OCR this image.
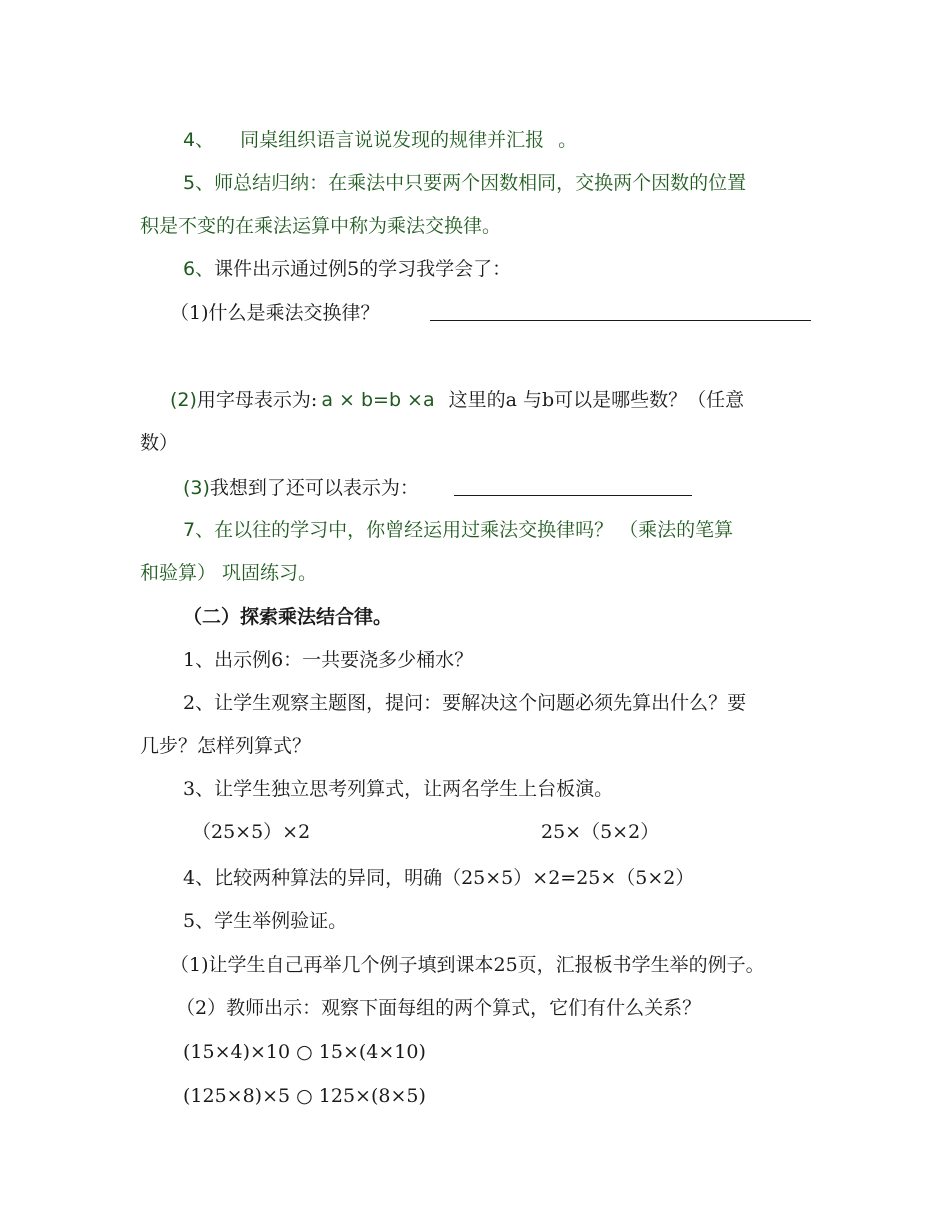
4、 同桌组织语言说说发现的规律并汇报 。
5、师总结归纳：在乘法中只要两个因数相同，交换两个因数的位置
积是不变的在乘法运算中称为乘法交换律。
6、课件出示通过例5的学习我学会了：
（1)什么是乘法交换律？
(2)用字母表示为: a × b=b ×a 这里的a 与b可以是哪些数？（任意
数）
(3)我想到了还可以表示为：
7、在以往的学习中，你曾经运用过乘法交换律吗？ （乘法的笔算
和验算） 巩固练习。
（二）探索乘法结合律。
1、出示例6：一共要浇多少桶水？
2、让学生观察主题图，提问：要解决这个问题必须先算出什么？要
几步？怎样列算式？
3、让学生独立思考列算式，让两名学生上台板演。
（25×5）×2	25×（5×2）
4、比较两种算法的异同，明确（25×5）×2=25×（5×2）
5、学生举例验证。
（1)让学生自己再举几个例子填到课本25页，汇报板书学生举的例子。
（2）教师出示：观察下面每组的两个算式，它们有什么关系？
(15×4)×10 ○ 15×(4×10)
(125×8)×5 ○ 125×(8×5)
